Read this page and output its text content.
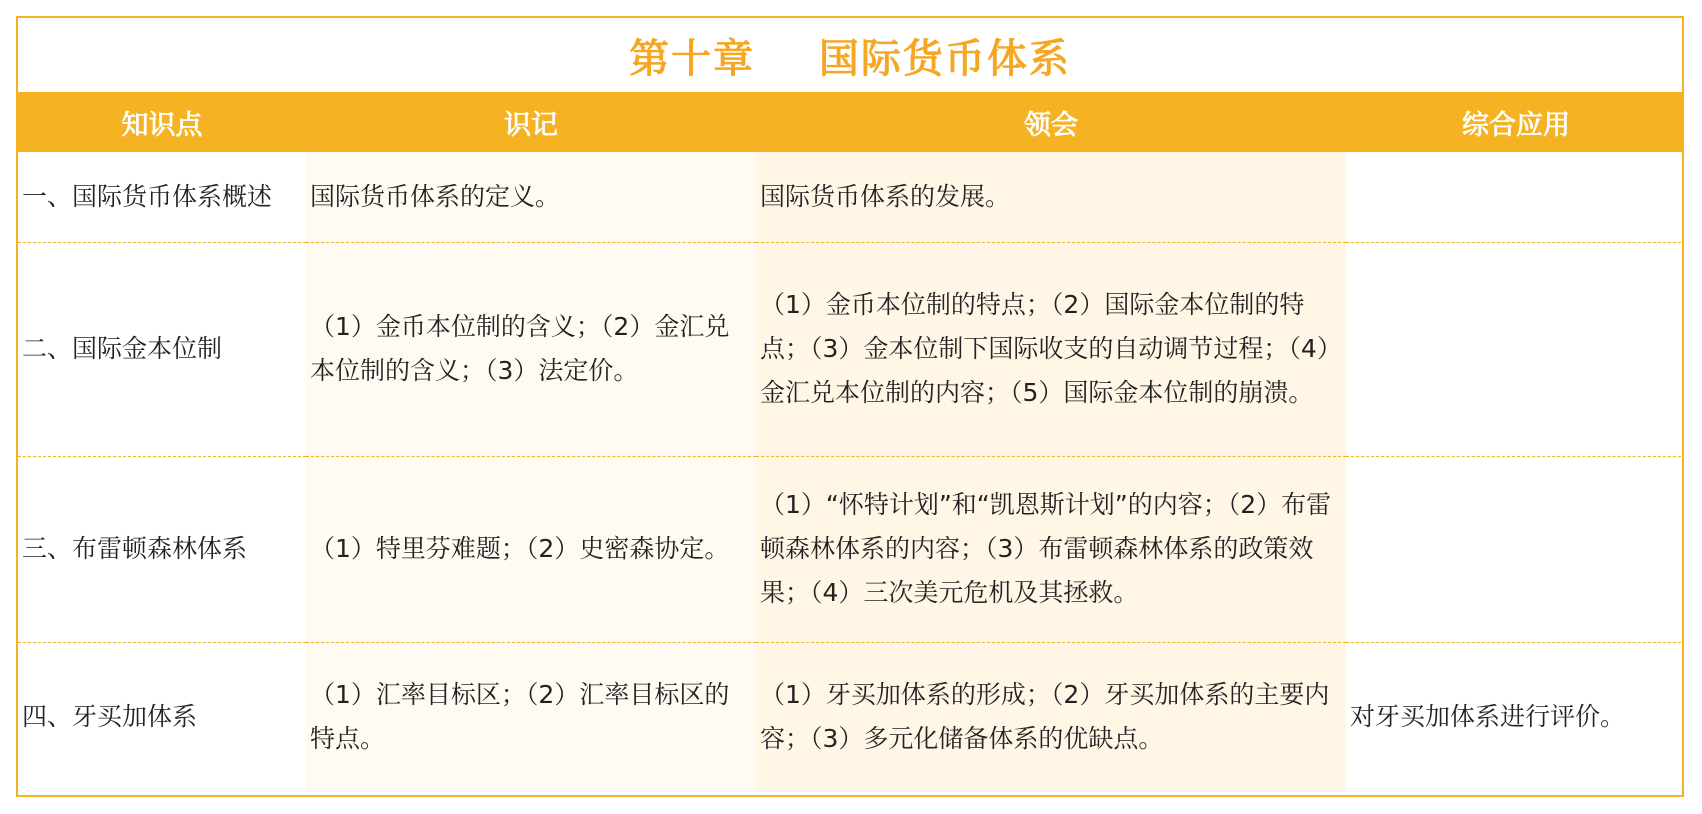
第十章    国际货币体系
知识点	识记	领会	综合应用
一、国际货币体系概述	国际货币体系的定义。	国际货币体系的发展。	
二、国际金本位制	（1）金币本位制的含义；（2）金汇兑本位制的含义；（3）法定价。	（1）金币本位制的特点；（2）国际金本位制的特点；（3）金本位制下国际收支的自动调节过程；（4）金汇兑本位制的内容；（5）国际金本位制的崩溃。	
三、布雷顿森林体系	（1）特里芬难题；（2）史密森协定。	（1）“怀特计划”和“凯恩斯计划”的内容；（2）布雷顿森林体系的内容；（3）布雷顿森林体系的政策效果；（4）三次美元危机及其拯救。	
四、牙买加体系	（1）汇率目标区；（2）汇率目标区的特点。	（1）牙买加体系的形成；（2）牙买加体系的主要内容；（3）多元化储备体系的优缺点。	对牙买加体系进行评价。
